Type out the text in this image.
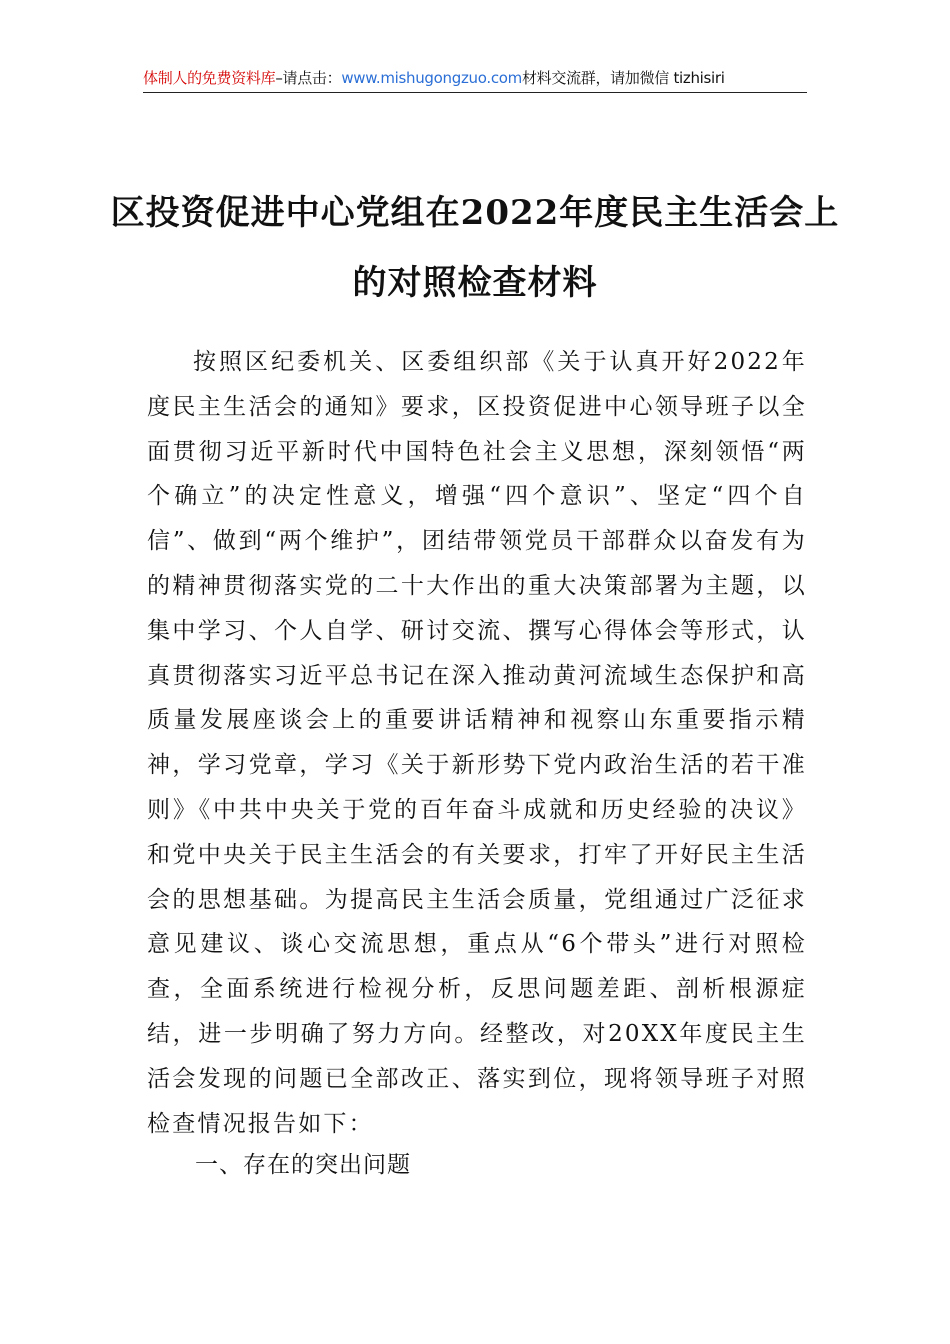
体制人的免费资料库–请点击：www.mishugongzuo.com材料交流群，请加微信 tizhisiri
区投资促进中心党组在2022年度民主生活会上的对照检查材料

按照区纪委机关、区委组织部《关于认真开好2022年度民主生活会的通知》要求，区投资促进中心领导班子以全面贯彻习近平新时代中国特色社会主义思想，深刻领悟“两个确立”的决定性意义，增强“四个意识”、坚定“四个自信”、做到“两个维护”，团结带领党员干部群众以奋发有为的精神贯彻落实党的二十大作出的重大决策部署为主题，以集中学习、个人自学、研讨交流、撰写心得体会等形式，认真贯彻落实习近平总书记在深入推动黄河流域生态保护和高质量发展座谈会上的重要讲话精神和视察山东重要指示精神，学习党章，学习《关于新形势下党内政治生活的若干准则》《中共中央关于党的百年奋斗成就和历史经验的决议》和党中央关于民主生活会的有关要求，打牢了开好民主生活会的思想基础。为提高民主生活会质量，党组通过广泛征求意见建议、谈心交流思想，重点从“6个带头”进行对照检查，全面系统进行检视分析，反思问题差距、剖析根源症结，进一步明确了努力方向。经整改，对20XX年度民主生活会发现的问题已全部改正、落实到位，现将领导班子对照检查情况报告如下：

一、存在的突出问题
